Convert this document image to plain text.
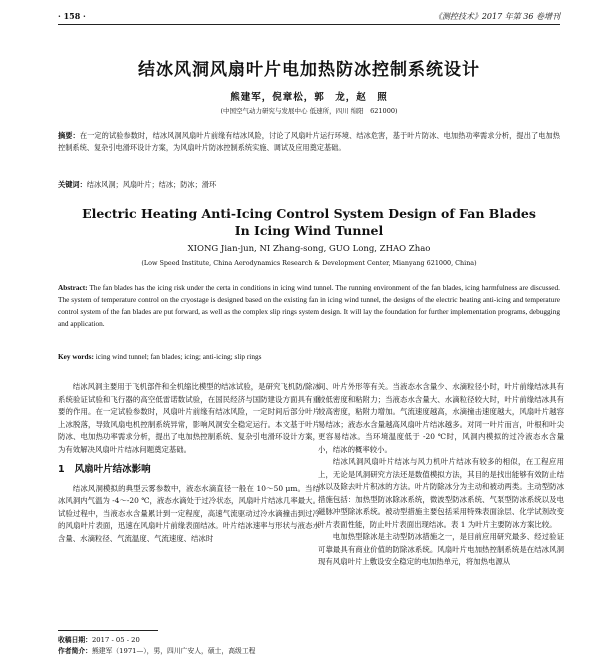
· 158 ·	《测控技术》2017 年第 36 卷增刊
结冰风洞风扇叶片电加热防冰控制系统设计
熊建军，倪章松，郭　龙，赵　照
(中国空气动力研究与发展中心 低速所，四川 绵阳　621000)
摘要：在一定的试验参数时，结冰风洞风扇叶片前缘有结冰风险，讨论了风扇叶片运行环境、结冰危害，基于叶片防冰、电加热功率需求分析，提出了电加热控制系统、复杂引电滑环设计方案，为风扇叶片防冰控制系统实施、调试及应用奠定基础。
关键词：结冰风洞；风扇叶片；结冰；防冰；滑环
Electric Heating Anti-Icing Control System Design of Fan Blades
In Icing Wind Tunnel
XIONG Jian-jun, NI Zhang-song, GUO Long, ZHAO Zhao
(Low Speed Institute, China Aerodynamics Research & Development Center, Mianyang 621000, China)
Abstract: The fan blades has the icing risk under the certa in conditions in icing wind tunnel. The running environment of the fan blades, icing harmfulness are discussed. The system of temperature control on the cryostage is designed based on the existing fan in icing wind tunnel, the designs of the electric heating anti-icing and temperature control system of the fan blades are put forward, as well as the complex slip rings system design. It will lay the foundation for further implementation programs, debugging and application.
Key words: icing wind tunnel; fan blades; icing; anti-icing; slip rings

结冰风洞主要用于飞机部件和全机缩比模型的结冰试验，是研究飞机防/除冰系统验证试验和飞行器的高空低雷诺数试验，在国民经济与国防建设方面具有重要的作用。在一定试验参数时，风扇叶片前缘有结冰风险，一定时间后部分叶片上冰脱落，导致风扇电机控制系统异常，影响风洞安全稳定运行。本文基于叶片防冰、电加热功率需求分析，提出了电加热控制系统、复杂引电滑环设计方案，为有效解决风扇叶片结冰问题奠定基础。

1 风扇叶片结冰影响

结冰风洞模拟的典型云雾参数中，液态水滴直径一般在 10～50 μm。当结冰风洞内气温为 -4～-20 ℃，液态水滴处于过冷状态，风扇叶片结冰几率最大。试验过程中，当液态水含量累计到一定程度，高速气流驱动过冷水滴撞击到过冷的风扇叶片表面，迅速在风扇叶片前缘表面结冰。叶片结冰速率与形状与液态水含量、水滴粒径、气流温度、气流速度、结冰时

间、叶片外形等有关。当液态水含量少、水滴粒径小时，叶片前缘结冰具有较低密度和粘附力；当液态水含量大、水滴粒径较大时，叶片前缘结冰具有较高密度，粘附力增加。气流速度越高，水滴撞击速度越大，风扇叶片越容易结冰；液态水含量越高风扇叶片结冰越多。对同一叶片而言，叶根和叶尖更容易结冰。当环境温度低于 -20 ℃时，风洞内模拟的过冷液态水含量小，结冰的概率较小。

结冰风洞风扇叶片结冰与风力机叶片结冰有较多的相似，在工程应用上，无论是风洞研究方法还是数值模拟方法，其目的是找出能够有效防止结冰以及除去叶片积冰的方法。叶片防除冰分为主动和被动两类。主动型防冰措施包括：加热型防冰除冰系统，微波型防冰系统、气泵型防冰系统以及电磁脉冲型除冰系统。被动型措施主要包括采用特殊表面涂层、化学试剂改变叶片表面性能，防止叶片表面出现结冰。表 1 为叶片主要防冰方案比较。

电加热型除冰是主动型防冰措施之一，是目前应用研究最多、经过验证可靠最具有商业价值的防除冰系统。风扇叶片电加热控制系统是在结冰风洞现有风扇叶片上敷设安全稳定的电加热单元，将加热电源从

收稿日期：2017 - 05 - 20
作者简介：熊建军（1971—），男，四川广安人，硕士，高级工程
